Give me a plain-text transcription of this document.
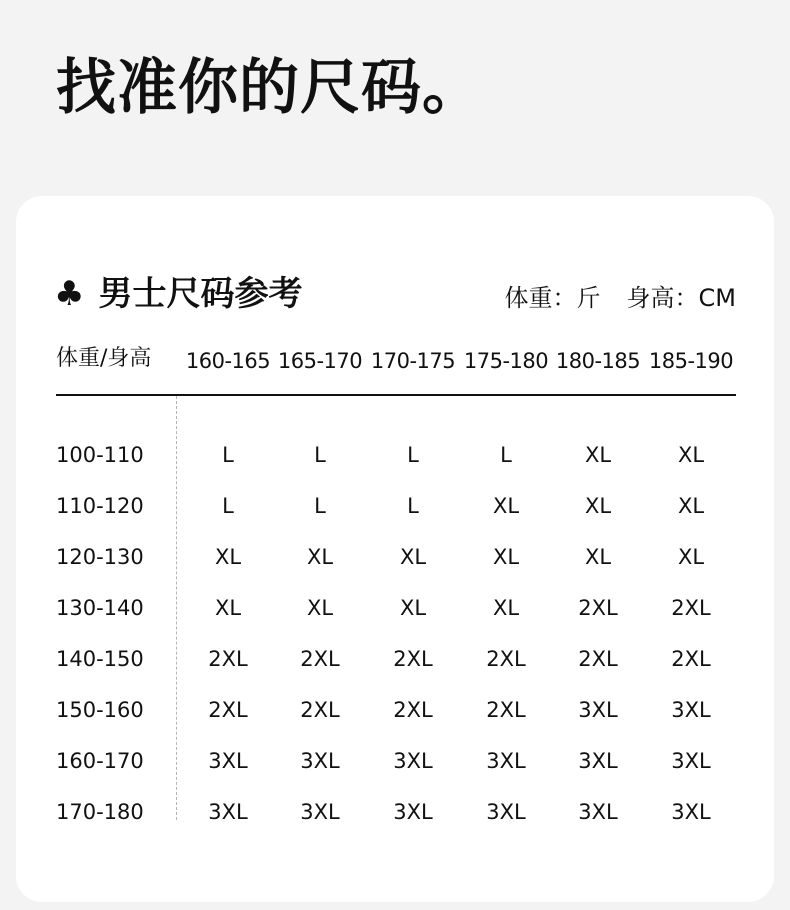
找准你的尺码。
♣ 男士尺码参考	体重：斤 身高：CM
体重/身高 160-165 165-170 170-175 175-180 180-185 185-190
100-110	L	L	L	L	XL	XL
110-120	L	L	L	XL	XL	XL
120-130	XL	XL	XL	XL	XL	XL
130-140	XL	XL	XL	XL	2XL	2XL
140-150	2XL	2XL	2XL	2XL	2XL	2XL
150-160	2XL	2XL	2XL	2XL	3XL	3XL
160-170	3XL	3XL	3XL	3XL	3XL	3XL
170-180	3XL	3XL	3XL	3XL	3XL	3XL
